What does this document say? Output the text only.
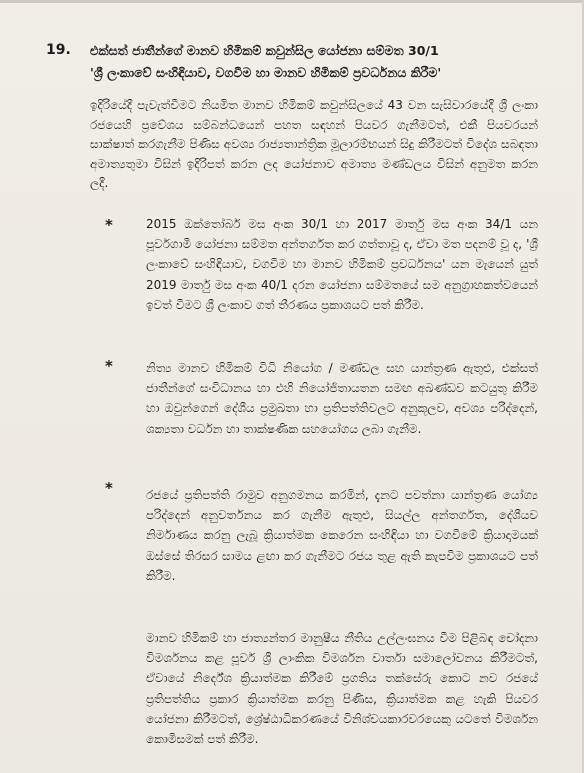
19. එක්සත් ජාතීන්ගේ මානව හිමිකම් කවුන්සිල යෝජනා සම්මත 30/1
'ශ්‍රී ලංකාවේ සංහිඳියාව, වගවීම හා මානව හිමිකම් ප්‍රවර්ධනය කිරීම'
ඉදිරියේදී පැවැත්වීමට නියමිත මානව හිමිකම් කවුන්සිලයේ 43 වන සැසිවාරයේදී ශ්‍රී ලංකා රජයෙහි ප්‍රවේශය සම්බන්ධයෙන් පහත සඳහන් පියවර ගැනීමටත්, එකී පියවරයන් සාක්ෂාත් කරගැනීම පිණිස අවශ්‍ය රාජ්‍යතාන්ත්‍රික මූලාරම්භයන් සිදු කිරීමටත් විදේශ සබඳතා අමාත්‍යතුමා විසින් ඉදිරිපත් කරන ලද යෝජනාව අමාත්‍ය මණ්ඩලය විසින් අනුමත කරන ලදී.
*	2015 ඔක්තෝබර් මස අංක 30/1 හා 2017 මාර්තු මස අංක 34/1 යන පූර්වගාමී යෝජනා සම්මත අන්තර්ගත කර ගත්තාවූ ද, ඒවා මත පදනම් වූ ද, 'ශ්‍රී ලංකාවේ සංහිඳියාව, වගවීම හා මානව හිමිකම් ප්‍රවර්ධනය' යන මැයෙන් යුත් 2019 මාර්තු මස අංක 40/1 දරන යෝජනා සම්මතයේ සම අනුග්‍රාහකත්වයෙන් ඉවත් වීමට ශ්‍රී ලංකාව ගත් තීරණය ප්‍රකාශයට පත් කිරීම.
*	නිත්‍ය මානව හිමිකම් විධි නියෝග / මණ්ඩල සහ යාන්ත්‍රණ ඇතුළු, එක්සත් ජාතීන්ගේ සංවිධානය හා එහි නියෝජිතායතන සමඟ අඛණ්ඩව කටයුතු කිරීම හා ඔවුන්ගෙන් දේශීය ප්‍රමුඛතා හා ප්‍රතිපත්තිවලට අනුකූලව, අවශ්‍ය පරිද්දෙන්, ශක්‍යතා වර්ධන හා තාක්ෂණික සහයෝගය ලබා ගැනීම.
*	රජයේ ප්‍රතිපත්ති රාමුව අනුගමනය කරමින්, දැනට පවත්නා යාන්ත්‍රණ යෝග්‍ය පරිද්දෙන් අනුවර්තනය කර ගැනීම ඇතුළු, සියල්ල අන්තර්ගත, දේශීයව නිර්මාණය කරනු ලැබූ ක්‍රියාත්මක කෙරෙන සංහිඳියා හා වගවීමේ ක්‍රියාදාමයක් ඔස්සේ තිරසර සාමය ළඟා කර ගැනීමට රජය තුළ ඇති කැපවීම ප්‍රකාශයට පත් කිරීම.
මානව හිමිකම් හා ජාත්‍යන්තර මානුෂීය නීතිය උල්ලංඝනය වීම පිළිබඳ චෝදනා විමර්ශනය කළ පූර්ව ශ්‍රී ලාංකික විමර්ශන වාර්තා සමාලෝචනය කිරීමටත්, ඒවායේ නිර්දේශ ක්‍රියාත්මක කිරීමේ ප්‍රගතිය තක්සේරු කොට නව රජයේ ප්‍රතිපත්තිය ප්‍රකාර ක්‍රියාත්මක කරනු පිණිස, ක්‍රියාත්මක කළ හැකි පියවර යෝජනා කිරීමටත්, ශ්‍රේෂ්ඨාධිකරණයේ විනිශ්චයකාරවරයෙකු යටතේ විමර්ශන කොමිසමක් පත් කිරීම.
